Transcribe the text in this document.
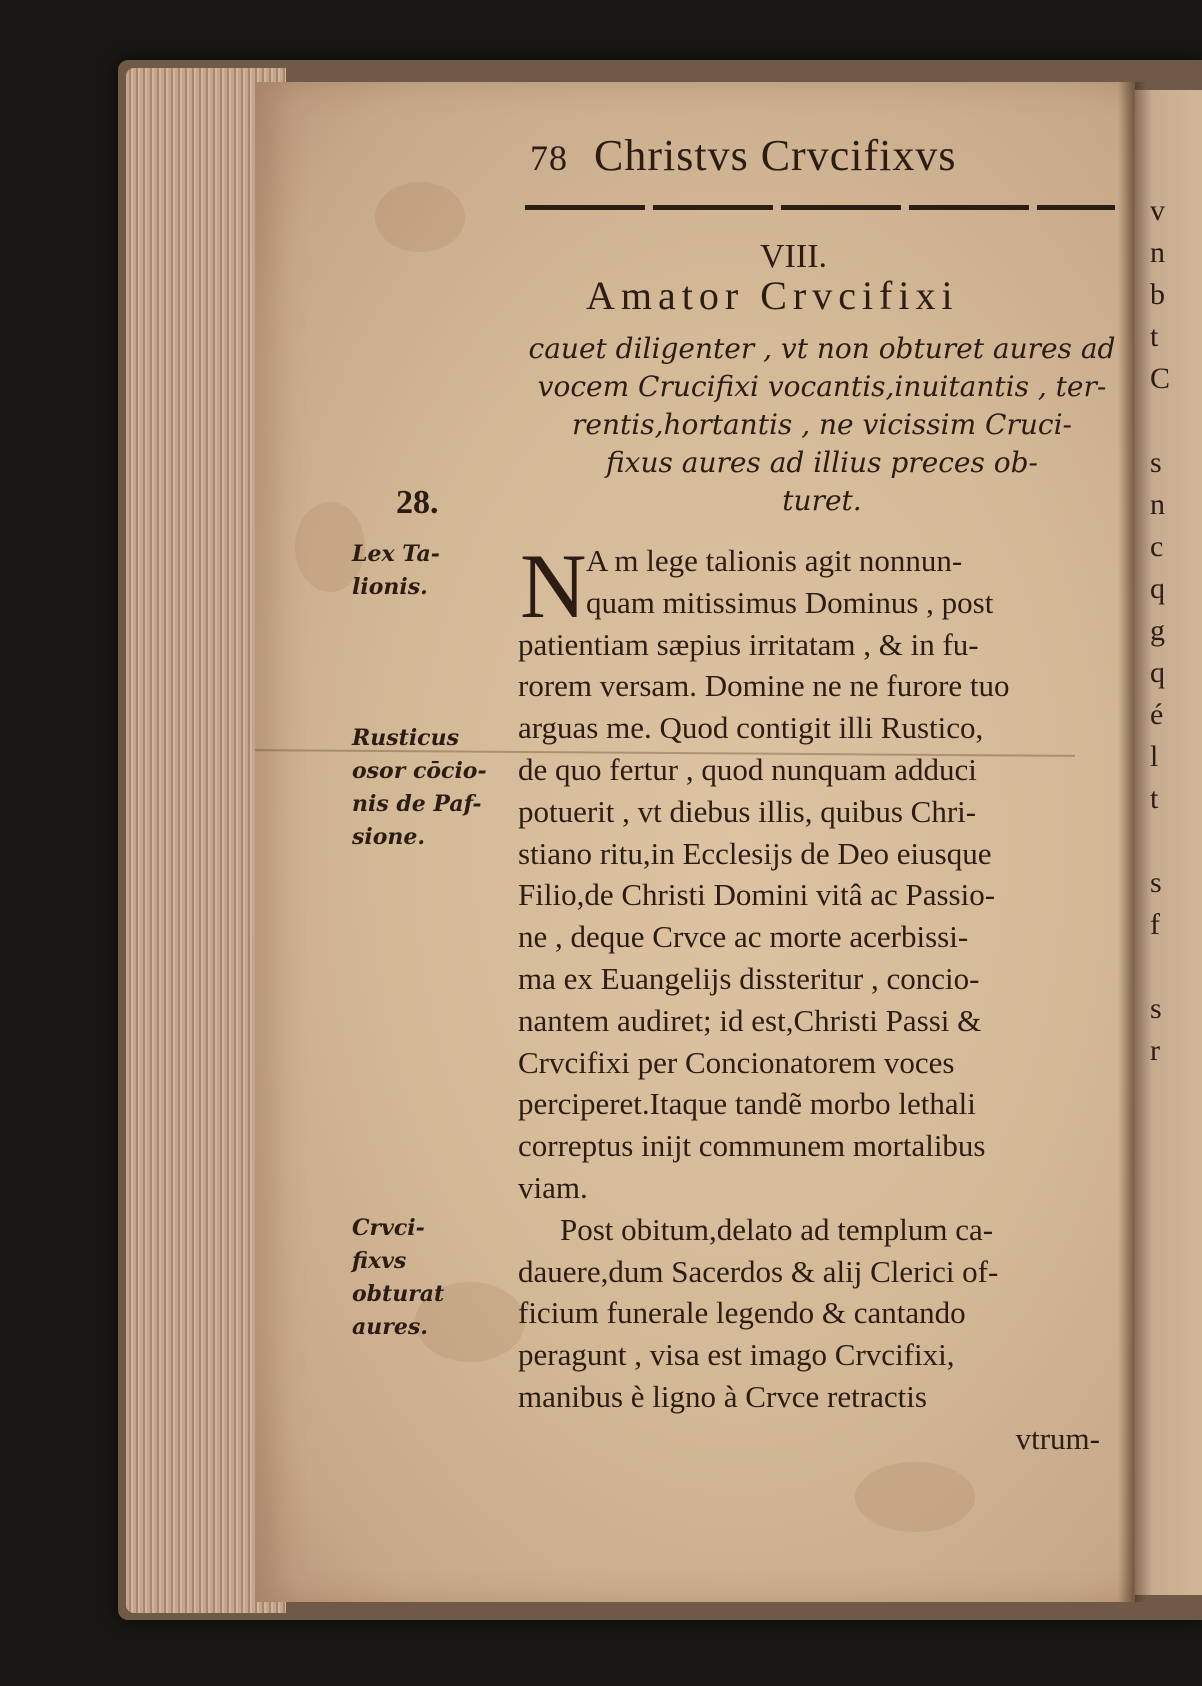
78 Christvs Crvcifixvs
VIII.
Amator Crvcifixi
cauet diligenter , vt non obturet aures ad
vocem Crucifixi vocantis,inuitantis , ter-
rentis,hortantis , ne vicissim Cruci-
fixus aures ad illius preces ob-
turet.
N A m lege talionis agit nonnun-
quam mitissimus Dominus , post
patientiam sæpius irritatam , & in fu-
rorem versam. Domine ne ne furore tuo
arguas me. Quod contigit illi Rustico,
de quo fertur , quod nunquam adduci
potuerit , vt diebus illis, quibus Chri-
stiano ritu,in Ecclesijs de Deo eiusque
Filio,de Christi Domini vitâ ac Passio-
ne , deque Crvce ac morte acerbissi-
ma ex Euangelijs dissteritur , concio-
nantem audiret; id est,Christi Passi &
Crvcifixi per Concionatorem voces
perciperet.Itaque tandẽ morbo lethali
correptus inijt communem mortalibus
viam.
Post obitum,delato ad templum ca-
dauere,dum Sacerdos & alij Clerici of-
ficium funerale legendo & cantando
peragunt , visa est imago Crvcifixi,
manibus è ligno à Crvce retractis
vtrum-
28.
Lex Ta-
lionis.
Rusticus
osor cōcio-
nis de Paf-
sione.
Crvci-
fixvs
obturat
aures.
v
n
b
t
C

s
n
c
q
g
q
é
l
t

s
f

s
r
